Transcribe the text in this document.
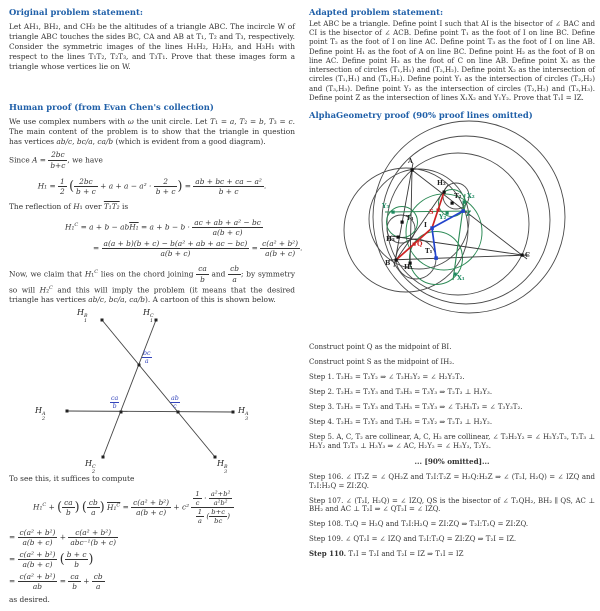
Original problem statement:

Let AH₁, BH₂, and CH₃ be the altitudes of a triangle ABC. The incircle W of triangle ABC touches the sides BC, CA and AB at T₁, T₂ and T₃, respectively. Consider the symmetric images of the lines H₁H₂, H₂H₃, and H₃H₁ with respect to the lines T₁T₂, T₂T₃, and T₃T₁. Prove that these images form a triangle whose vertices lie on W.

Human proof (from Evan Chen's collection)

We use complex numbers with ω the unit circle. Let T₁ = a, T₂ = b, T₃ = c. The main content of the problem is to show that the triangle in question has vertices ab/c, bc/a, ca/b (which is evident from a good diagram).

Since $A = \frac{2bc}{b+c}$ , we have

$H_1 = \frac{1}{2}$ ( $\frac{2bc}{b + c} + a + a - a^2 \cdot \frac{2}{b + c}$ ) = $\frac{\text{ab + bc + ca − a²}}{b + c}$ .

The reflection of H₁ over T₁T₂ is

$H_1^C = a + b - abH_1 = a + b - b \cdot \frac{\text{ac + ab + a² − bc}}{a(b + c)}$
= $\frac{\text{a(a + b)(b + c) − b(a² + ab + ac − bc)}}{a(b + c)} = \frac{\text{c(a² + b²)}}{a(b + c)}$ .

Now, we claim that H₁$^C$ lies on the chord joining $\frac{ca}{b}$ and $\frac{cb}{a}$ ; by symmetry so will H₂$^C$ and this will imply the problem (it means that the desired triangle has vertices ab/c, bc/a, ca/b). A cartoon of this is shown below.

H B
1
H C
1
H A
2
H A
3
H C
2
H B
3
$\frac{bc}{a}$
$\frac{ca}{b}$	$\frac{ab}{c}$

To see this, it suffices to compute

H₁$^C$ + ( $\frac{ca}{b}$ ) ( $\frac{cb}{a}$ ) $H_1^C = \frac{\text{c(a² + b²)}}{a(b + c)} + c^2 \frac{\frac{1}{c} \cdot \frac{\text{a²+b²}}{\text{a²b²}}}{\frac{1}{a} ( \frac{b+c}{bc} )}$
= $\frac{\text{c(a² + b²)}}{a(b + c)} + \frac{\text{c(a² + b²)}}{\text{abc⁻¹(b + c)}}$
= $\frac{\text{c(a² + b²)}}{a(b + c)}$ ( $\frac{b + c}{b}$ )
= $\frac{\text{c(a² + b²)}}{ab} = \frac{ca}{b} + \frac{cb}{a}$

as desired.

Adapted problem statement:

Let ABC be a triangle. Define point I such that AI is the bisector of ∠ BAC and CI is the bisector of ∠ ACB. Define point T₁ as the foot of I on line BC. Define point T₂ as the foot of I on line AC. Define point T₃ as the foot of I on line AB. Define point H₁ as the foot of A on line BC. Define point H₂ as the foot of B on line AC. Define point H₃ as the foot of C on line AB. Define point X₁ as the intersection of circles (T₁,H₁) and (T₂,H₂). Define point X₂ as the intersection of circles (T₁,H₁) and (T₂,H₂). Define point Y₁ as the intersection of circles (T₂,H₂) and (T₃,H₃). Define point Y₂ as the intersection of circles (T₂,H₂) and (T₃,H₃). Define point Z as the intersection of lines X₁X₂ and Y₁Y₂. Prove that T₁I = IZ.

AlphaGeometry proof (90% proof lines omitted)
A
B
C
H₁
H₂
H₃
T₁
T₂
T₃
I
Q
S
X₁
X₂
Y₂
Y₃
Z

Construct point Q as the midpoint of BI.

Construct point S as the midpoint of IH₂.

Step 1. T₂H₂ = T₂Y₂ ⇒ ∠ T₂H₂Y₂ = ∠ H₂Y₂T₂.

Step 2. T₂H₃ = T₂Y₃ and T₃H₃ = T₃Y₃ ⇒ T₂T₃ ⊥ H₃Y₃.

Step 3. T₂H₃ = T₂Y₃ and T₃H₃ = T₃Y₃ ⇒ ∠ T₂H₃T₃ = ∠ T₃Y₃T₂.

Step 4. T₂H₂ = T₂Y₂ and T₃H₂ = T₃Y₂ ⇒ T₂T₃ ⊥ H₂Y₂.

Step 5. A, C, T₂ are collinear, A, C, H₂ are collinear, ∠ T₂H₂Y₂ = ∠ H₂Y₂T₂, T₂T₃ ⊥ H₂Y₂ and T₂T₃ ⊥ H₃Y₃ ⇒ ∠ AC, H₂Y₂ = ∠ H₃Y₃, T₂Y₂.

... [90% omitted]...

Step 106. ∠ IT₂Z = ∠ QH₂Z and T₂I:T₂Z = H₂Q:H₂Z ⇒ ∠ (T₂I, H₂Q) = ∠ IZQ and T₂I:H₂Q = ZI:ZQ.

Step 107. ∠ (T₂I, H₂Q) = ∠ IZQ, QS is the bisector of ∠ T₂QH₂, BH₂ ∥ QS, AC ⊥ BH₂ and AC ⊥ T₂I ⇒ ∠ QT₂I = ∠ IZQ.

Step 108. T₂Q = H₂Q and T₂I:H₂Q = ZI:ZQ ⇒ T₂I:T₂Q = ZI:ZQ.

Step 109. ∠ QT₂I = ∠ IZQ and T₂I:T₂Q = ZI:ZQ ⇒ T₂I = IZ.

Step 110. T₁I = T₂I and T₂I = IZ ⇒ T₁I = IZ
